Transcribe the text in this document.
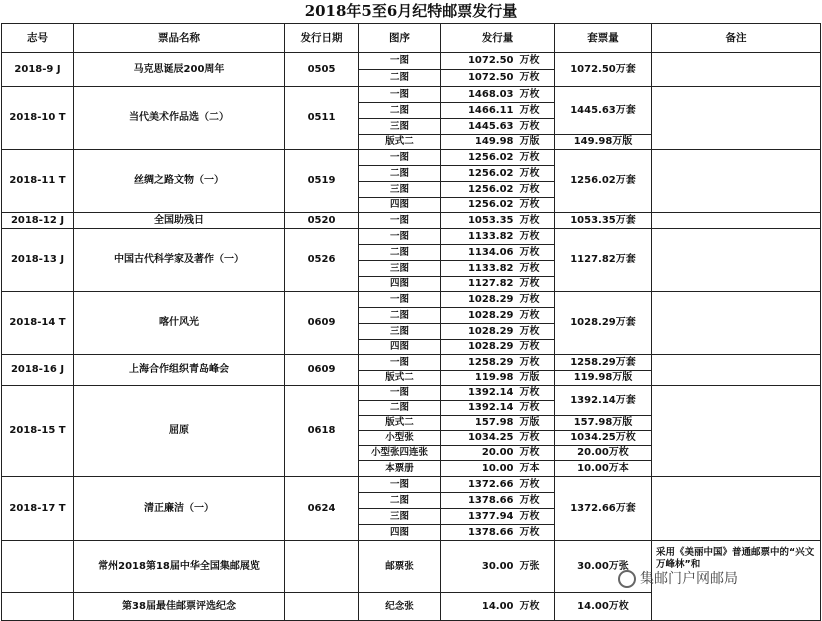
2018年5至6月纪特邮票发行量
志号	票品名称	发行日期	图序	发行量		套票量	备注
2018-9 J	马克思诞辰200周年	0505	一图	1072.50	万枚	1072.50万套	
			二图	1072.50	万枚		
2018-10 T	当代美术作品选（二）	0511	一图	1468.03	万枚	1445.63万套	
			二图	1466.11	万枚		
			三图	1445.63	万枚		
			版式二	149.98	万版	149.98万版	
2018-11 T	丝绸之路文物（一）	0519	一图	1256.02	万枚	1256.02万套	
			二图	1256.02	万枚		
			三图	1256.02	万枚		
			四图	1256.02	万枚		
2018-12 J	全国助残日	0520	一图	1053.35	万枚	1053.35万套	
2018-13 J	中国古代科学家及著作（一）	0526	一图	1133.82	万枚	1127.82万套	
			二图	1134.06	万枚		
			三图	1133.82	万枚		
			四图	1127.82	万枚		
2018-14 T	喀什风光	0609	一图	1028.29	万枚	1028.29万套	
			二图	1028.29	万枚		
			三图	1028.29	万枚		
			四图	1028.29	万枚		
2018-16 J	上海合作组织青岛峰会	0609	一图	1258.29	万枚	1258.29万套	
			版式二	119.98	万版	119.98万版	
2018-15 T	屈原	0618	一图	1392.14	万枚	1392.14万套	
			二图	1392.14	万枚		
			版式二	157.98	万版	157.98万版	
			小型张	1034.25	万枚	1034.25万枚	
			小型张四连张	20.00	万枚	20.00万枚	
			本票册	10.00	万本	10.00万本	
2018-17 T	清正廉洁（一）	0624	一图	1372.66	万枚	1372.66万套	
			二图	1378.66	万枚		
			三图	1377.94	万枚		
			四图	1378.66	万枚		
	常州2018第18届中华全国集邮展览		邮票张	30.00	万张	30.00万张	采用《美丽中国》普通邮票中的“兴文万峰林”和
	第38届最佳邮票评选纪念		纪念张	14.00	万枚	14.00万枚	
集邮门户网邮局
